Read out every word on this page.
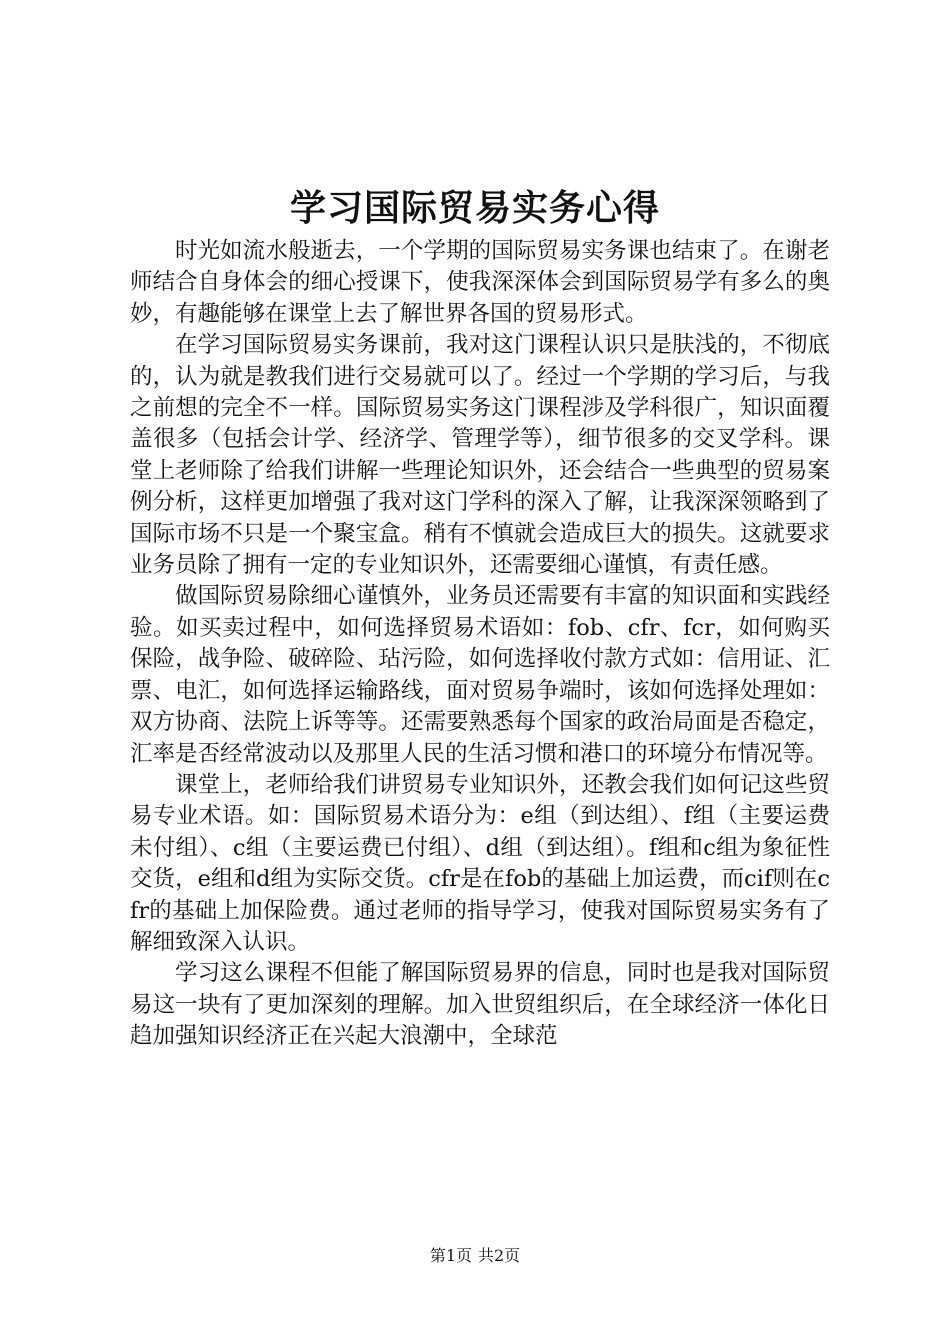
学习国际贸易实务心得

时光如流水般逝去，一个学期的国际贸易实务课也结束了。在谢老师结合自身体会的细心授课下，使我深深体会到国际贸易学有多么的奥妙，有趣能够在课堂上去了解世界各国的贸易形式。

在学习国际贸易实务课前，我对这门课程认识只是肤浅的，不彻底的，认为就是教我们进行交易就可以了。经过一个学期的学习后，与我之前想的完全不一样。国际贸易实务这门课程涉及学科很广，知识面覆盖很多（包括会计学、经济学、管理学等），细节很多的交叉学科。课堂上老师除了给我们讲解一些理论知识外，还会结合一些典型的贸易案例分析，这样更加增强了我对这门学科的深入了解，让我深深领略到了国际市场不只是一个聚宝盒。稍有不慎就会造成巨大的损失。这就要求业务员除了拥有一定的专业知识外，还需要细心谨慎，有责任感。

做国际贸易除细心谨慎外，业务员还需要有丰富的知识面和实践经验。如买卖过程中，如何选择贸易术语如：fob、cfr、fcr，如何购买保险，战争险、破碎险、玷污险，如何选择收付款方式如：信用证、汇票、电汇，如何选择运输路线，面对贸易争端时，该如何选择处理如：双方协商、法院上诉等等。还需要熟悉每个国家的政治局面是否稳定，汇率是否经常波动以及那里人民的生活习惯和港口的环境分布情况等。

课堂上，老师给我们讲贸易专业知识外，还教会我们如何记这些贸易专业术语。如：国际贸易术语分为：e组（到达组）、f组（主要运费未付组）、c组（主要运费已付组）、d组（到达组）。f组和c组为象征性交货，e组和d组为实际交货。cfr是在fob的基础上加运费，而cif则在cfr的基础上加保险费。通过老师的指导学习，使我对国际贸易实务有了解细致深入认识。

学习这么课程不但能了解国际贸易界的信息，同时也是我对国际贸易这一块有了更加深刻的理解。加入世贸组织后，在全球经济一体化日趋加强知识经济正在兴起大浪潮中，全球范

第1页 共2页
